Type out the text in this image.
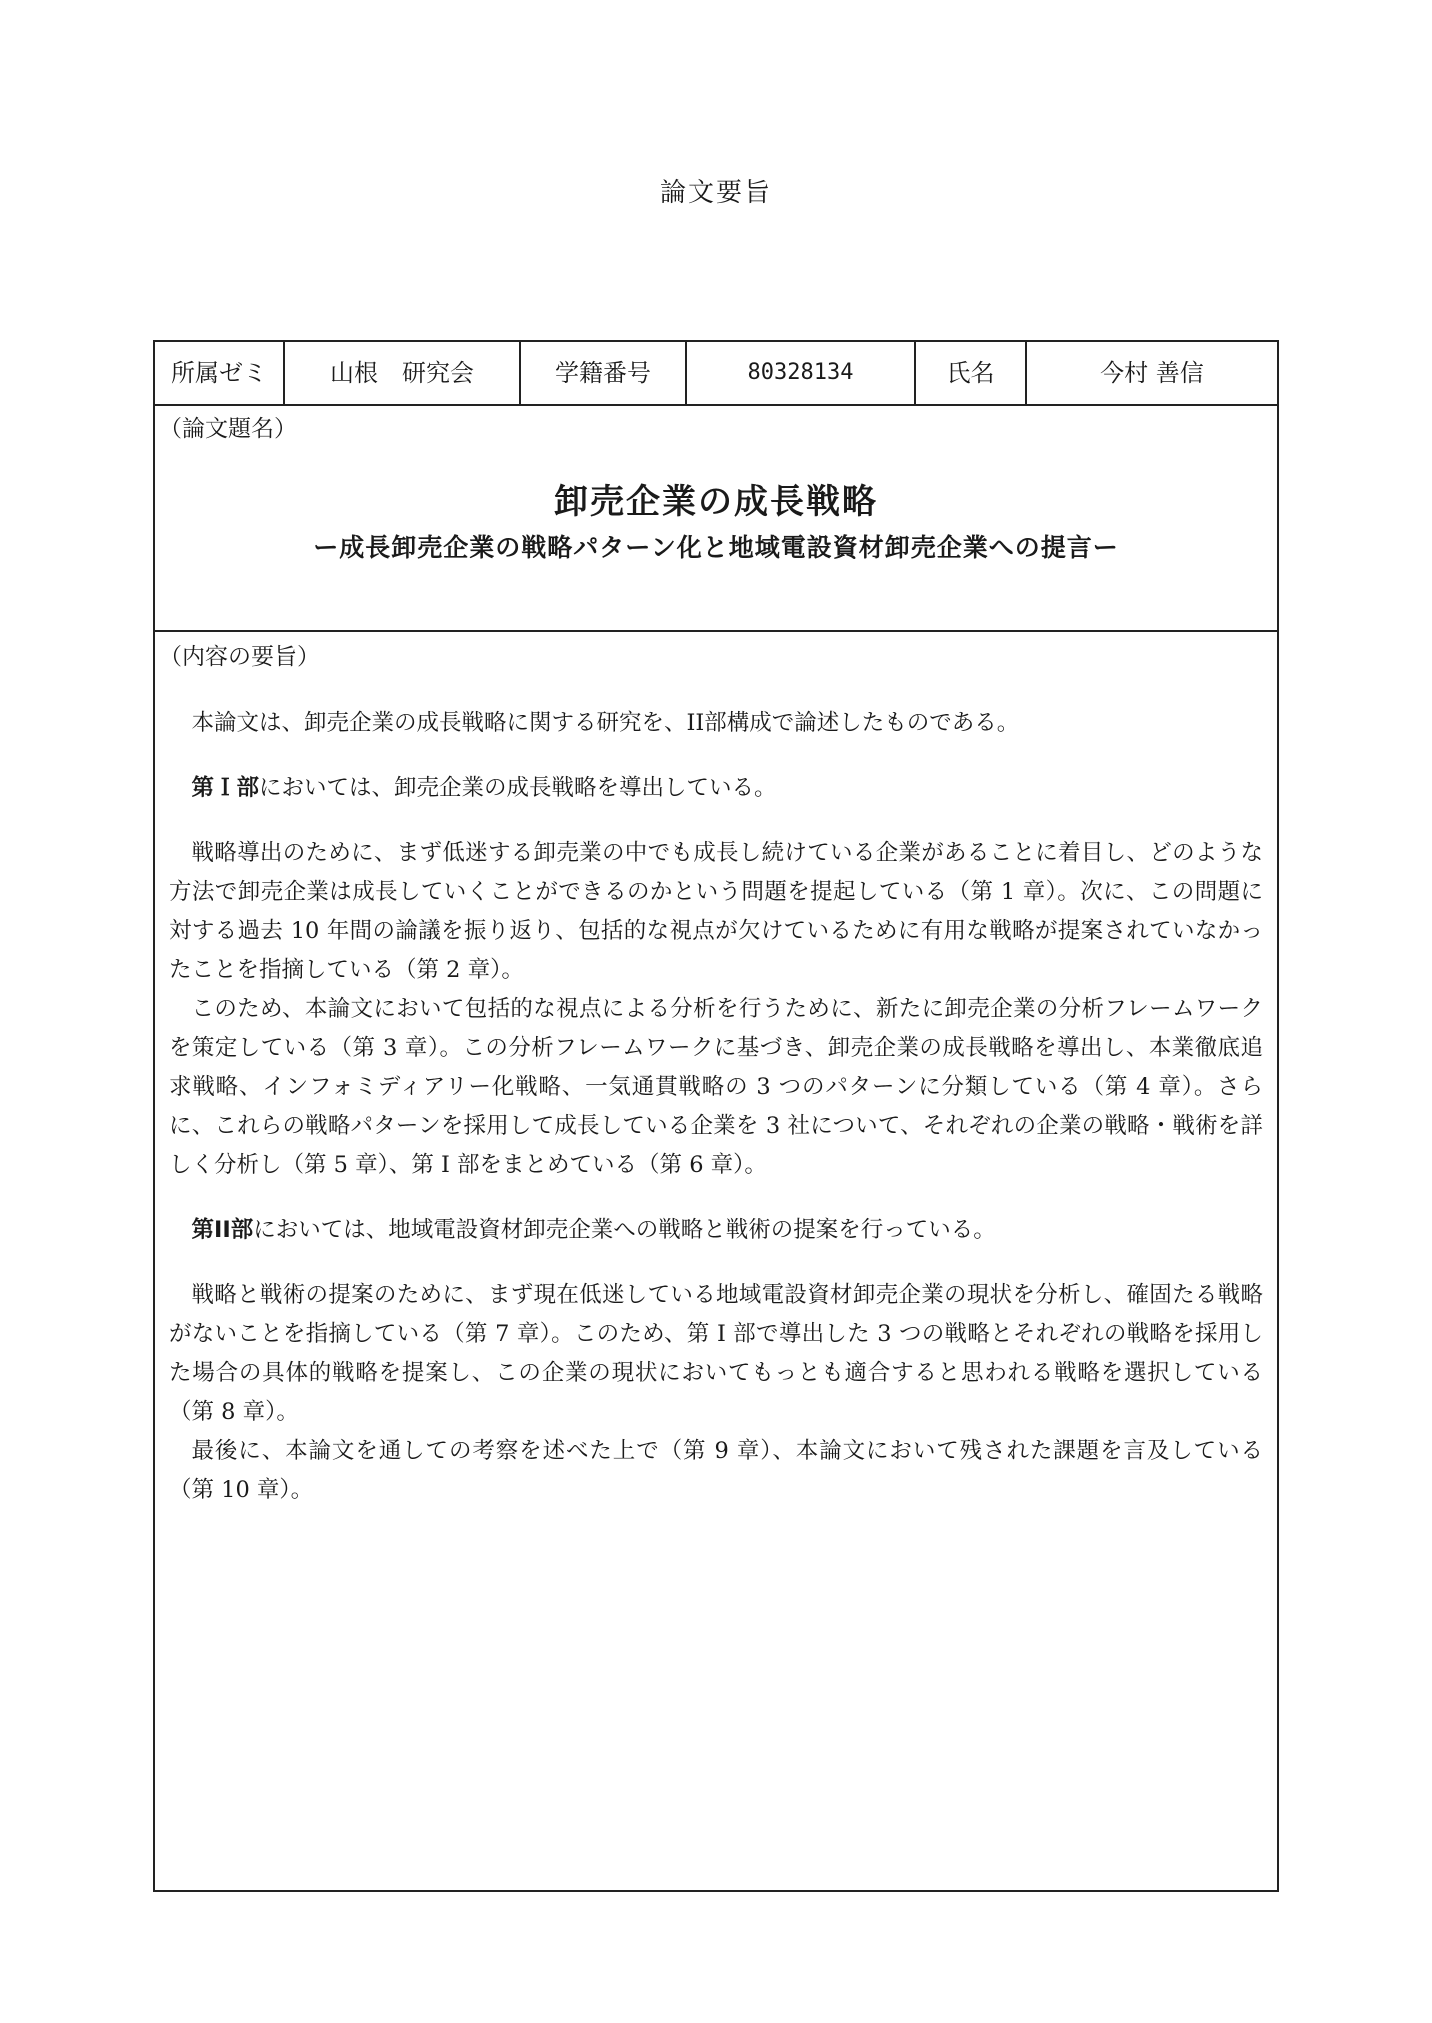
論文要旨
所属ゼミ	山根　研究会	学籍番号	80328134	氏名	今村 善信
（論文題名）
卸売企業の成長戦略
ー成長卸売企業の戦略パターン化と地域電設資材卸売企業への提言ー
（内容の要旨）

本論文は、卸売企業の成長戦略に関する研究を、II部構成で論述したものである。

第Ｉ部においては、卸売企業の成長戦略を導出している。

戦略導出のために、まず低迷する卸売業の中でも成長し続けている企業があることに着目し、どのような方法で卸売企業は成長していくことができるのかという問題を提起している（第 1 章）。次に、この問題に対する過去 10 年間の論議を振り返り、包括的な視点が欠けているために有用な戦略が提案されていなかったことを指摘している（第 2 章）。

このため、本論文において包括的な視点による分析を行うために、新たに卸売企業の分析フレームワークを策定している（第 3 章）。この分析フレームワークに基づき、卸売企業の成長戦略を導出し、本業徹底追求戦略、インフォミディアリー化戦略、一気通貫戦略の 3 つのパターンに分類している（第 4 章）。さらに、これらの戦略パターンを採用して成長している企業を 3 社について、それぞれの企業の戦略・戦術を詳しく分析し（第 5 章）、第 I 部をまとめている（第 6 章）。

第II部においては、地域電設資材卸売企業への戦略と戦術の提案を行っている。

戦略と戦術の提案のために、まず現在低迷している地域電設資材卸売企業の現状を分析し、確固たる戦略がないことを指摘している（第 7 章）。このため、第 I 部で導出した 3 つの戦略とそれぞれの戦略を採用した場合の具体的戦略を提案し、この企業の現状においてもっとも適合すると思われる戦略を選択している（第 8 章）。

最後に、本論文を通しての考察を述べた上で（第 9 章）、本論文において残された課題を言及している（第 10 章）。
